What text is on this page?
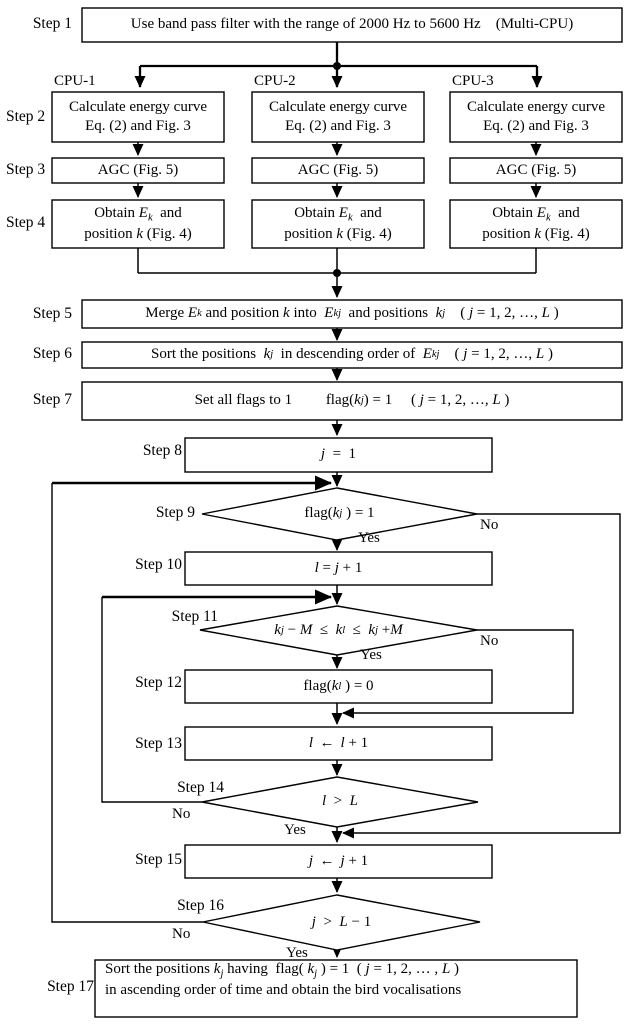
Step 1
Step 2
Step 3
Step 4
Step 5
Step 6
Step 7
Step 8
Step 9
Step 10
Step 11
Step 12
Step 13
Step 14
Step 15
Step 16
Step 17
CPU-1	CPU-2	CPU-3
Use band pass filter with the range of 2000 Hz to 5600 Hz (Multi-CPU)
Calculate energy curve
Eq. (2) and Fig. 3
Calculate energy curve
Eq. (2) and Fig. 3
Calculate energy curve
Eq. (2) and Fig. 3
AGC (Fig. 5)	AGC (Fig. 5)	AGC (Fig. 5)
Obtain $E_k$  and
position k (Fig. 4)
Obtain $E_k$  and
position k (Fig. 4)
Obtain $E_k$  and
position k (Fig. 4)
Merge E k and position k into E kj and positions k j ( j = 1, 2, …, L )
Sort the positions k j in descending order of E kj ( j = 1, 2, …, L )
Set all flags to 1         flag( k j ) = 1     ( j = 1, 2, …, L )
j =  1
flag( k j ) = 1
l = j + 1
k j − M ≤ k l ≤ k j + M
flag( k l ) = 0
l ← l + 1
l > L
j ← j + 1
j > L − 1
Sort the positions $k_j$ having  flag( $k_j$ ) = 1  ( j = 1, 2, … , L )
in ascending order of time and obtain the bird vocalisations
No
Yes
No
Yes
No
Yes
No
Yes
